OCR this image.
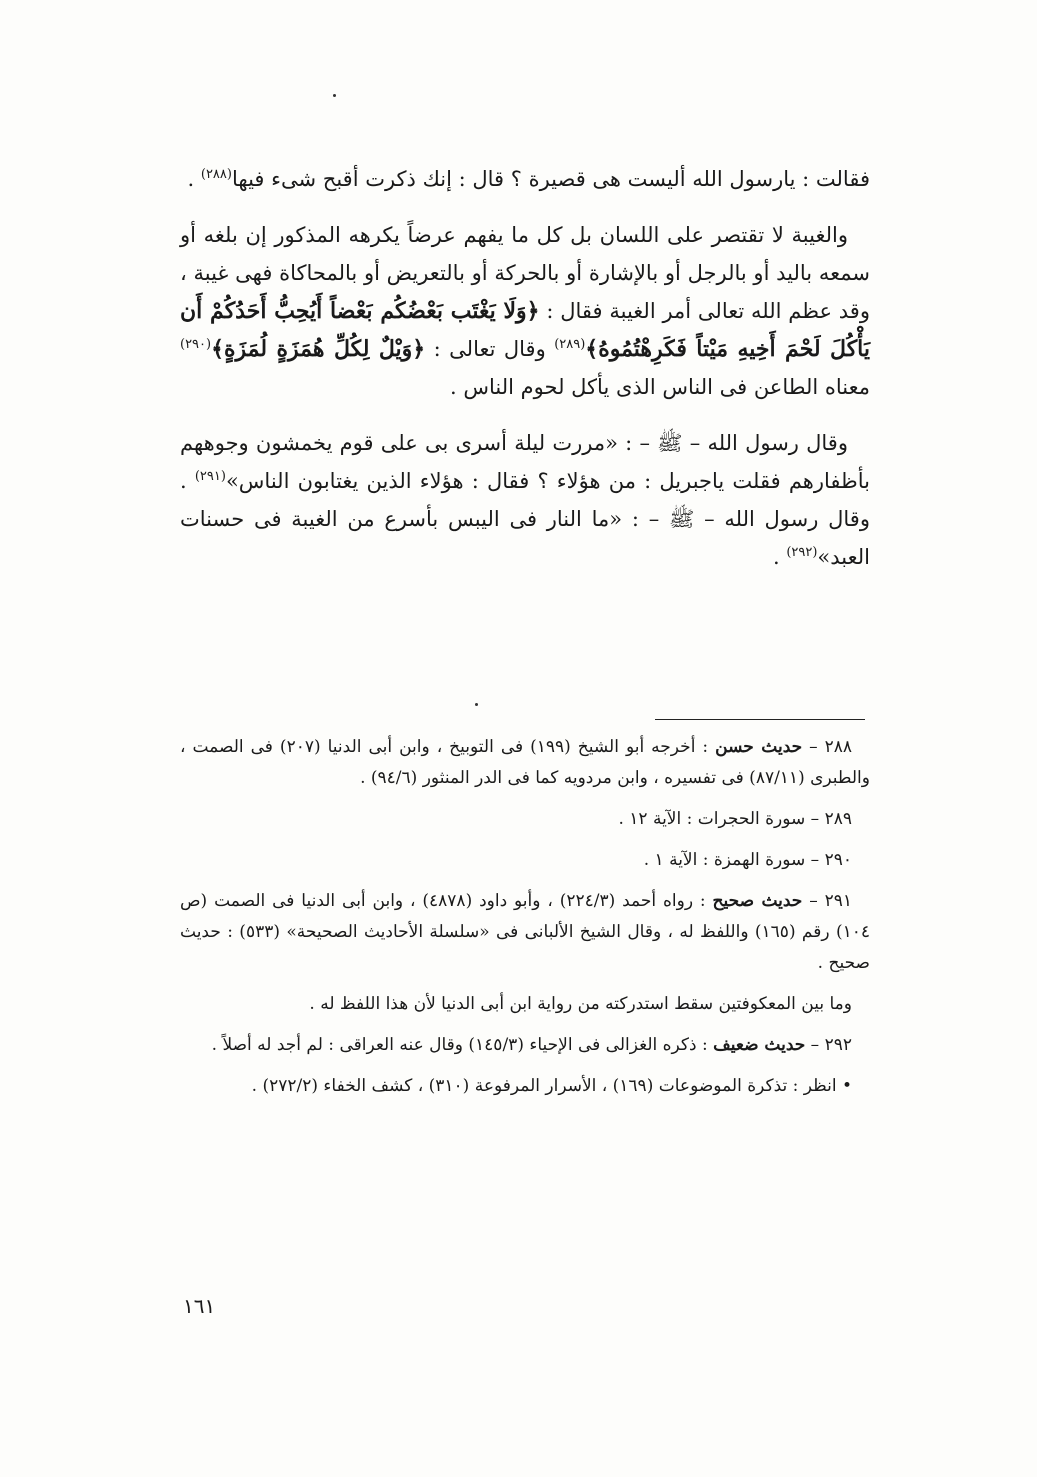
فقالت : يارسول الله أليست هى قصيرة ؟ قال : إنك ذكرت أقبح شىء فيها$^{(٢٨٨)}$ .

والغيبة لا تقتصر على اللسان بل كل ما يفهم عرضاً يكرهه المذكور إن بلغه أو سمعه باليد أو بالرجل أو بالإشارة أو بالحركة أو بالتعريض أو بالمحاكاة فهى غيبة ، وقد عظم الله تعالى أمر الغيبة فقال : ﴿وَلَا يَغْتَب بَعْضُكُم بَعْضاً أَيُحِبُّ أَحَدُكُمْ أَن يَأْكُلَ لَحْمَ أَخِيهِ مَيْتاً فَكَرِهْتُمُوهُ﴾$^{(٢٨٩)}$ وقال تعالى : ﴿وَيْلٌ لِكُلِّ هُمَزَةٍ لُمَزَةٍ﴾$^{(٢٩٠)}$ معناه الطاعن فى الناس الذى يأكل لحوم الناس .

وقال رسول الله – ﷺ – : «مررت ليلة أسرى بى على قوم يخمشون وجوههم بأظفارهم فقلت ياجبريل : من هؤلاء ؟ فقال : هؤلاء الذين يغتابون الناس»$^{(٢٩١)}$ . وقال رسول الله – ﷺ – : «ما النار فى اليبس بأسرع من الغيبة فى حسنات العبد»$^{(٢٩٢)}$ .

٢٨٨ – حديث حسن : أخرجه أبو الشيخ (١٩٩) فى التوبيخ ، وابن أبى الدنيا (٢٠٧) فى الصمت ، والطبرى (٨٧/١١) فى تفسيره ، وابن مردويه كما فى الدر المنثور (٩٤/٦) .

٢٨٩ – سورة الحجرات : الآية ١٢ .

٢٩٠ – سورة الهمزة : الآية ١ .

٢٩١ – حديث صحيح : رواه أحمد (٢٢٤/٣) ، وأبو داود (٤٨٧٨) ، وابن أبى الدنيا فى الصمت (ص ١٠٤) رقم (١٦٥) واللفظ له ، وقال الشيخ الألبانى فى «سلسلة الأحاديث الصحيحة» (٥٣٣) : حديث صحيح .

وما بين المعكوفتين سقط استدركته من رواية ابن أبى الدنيا لأن هذا اللفظ له .

٢٩٢ – حديث ضعيف : ذكره الغزالى فى الإحياء (١٤٥/٣) وقال عنه العراقى : لم أجد له أصلاً .

• انظر : تذكرة الموضوعات (١٦٩) ، الأسرار المرفوعة (٣١٠) ، كشف الخفاء (٢٧٢/٢) .

١٦١
